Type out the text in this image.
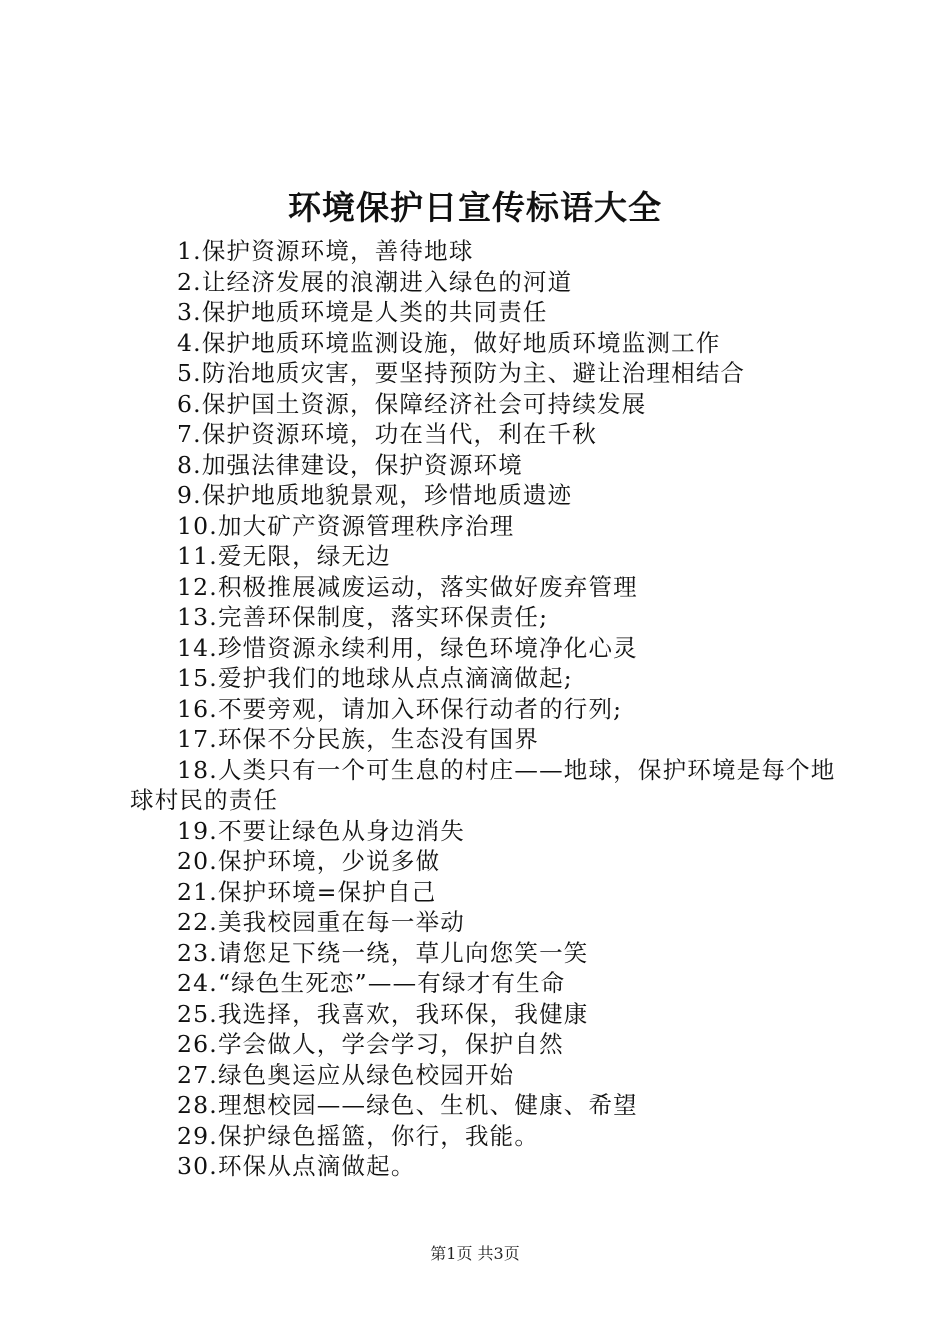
环境保护日宣传标语大全
1.保护资源环境，善待地球
2.让经济发展的浪潮进入绿色的河道
3.保护地质环境是人类的共同责任
4.保护地质环境监测设施，做好地质环境监测工作
5.防治地质灾害，要坚持预防为主、避让治理相结合
6.保护国土资源，保障经济社会可持续发展
7.保护资源环境，功在当代，利在千秋
8.加强法律建设，保护资源环境
9.保护地质地貌景观，珍惜地质遗迹
10.加大矿产资源管理秩序治理
11.爱无限，绿无边
12.积极推展减废运动，落实做好废弃管理
13.完善环保制度，落实环保责任;
14.珍惜资源永续利用，绿色环境净化心灵
15.爱护我们的地球从点点滴滴做起;
16.不要旁观，请加入环保行动者的行列;
17.环保不分民族，生态没有国界
18.人类只有一个可生息的村庄——地球，保护环境是每个地球村民的责任
19.不要让绿色从身边消失
20.保护环境，少说多做
21.保护环境=保护自己
22.美我校园重在每一举动
23.请您足下绕一绕，草儿向您笑一笑
24.“绿色生死恋”——有绿才有生命
25.我选择，我喜欢，我环保，我健康
26.学会做人，学会学习，保护自然
27.绿色奥运应从绿色校园开始
28.理想校园——绿色、生机、健康、希望
29.保护绿色摇篮，你行，我能。
30.环保从点滴做起。
第1页 共3页
